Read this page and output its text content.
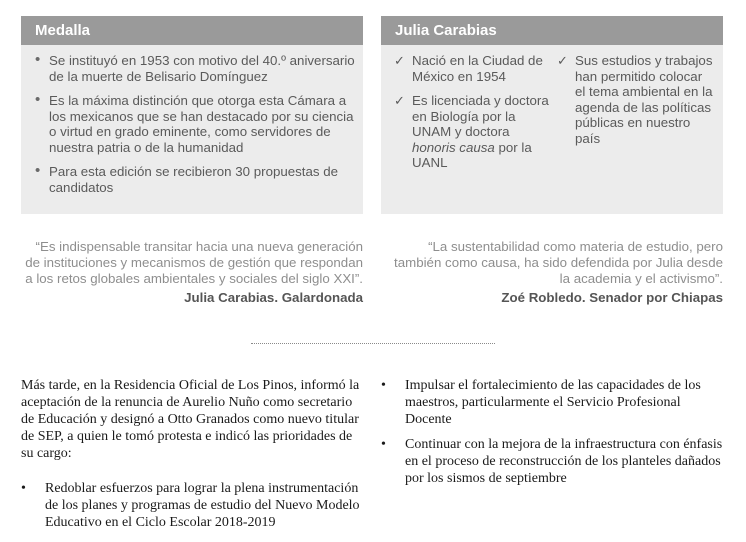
Medalla
• Se instituyó en 1953 con motivo del 40.º aniversario de la muerte de Belisario Domínguez
• Es la máxima distinción que otorga esta Cámara a los mexicanos que se han destacado por su ciencia o virtud en grado eminente, como servidores de nuestra patria o de la humanidad
• Para esta edición se recibieron 30 propuestas de candidatos
Julia Carabias
✓ Nació en la Ciudad de México en 1954
✓ Es licenciada y doctora en Biología por la UNAM y doctora honoris causa por la UANL
✓ Sus estudios y trabajos han permitido colocar el tema ambiental en la agenda de las políticas públicas en nuestro país
“Es indispensable transitar hacia una nueva generación de instituciones y mecanismos de gestión que respondan a los retos globales ambientales y sociales del siglo XXI”.
Julia Carabias. Galardonada
“La sustentabilidad como materia de estudio, pero también como causa, ha sido defendida por Julia desde la academia y el activismo”.
Zoé Robledo. Senador por Chiapas
Más tarde, en la Residencia Oficial de Los Pinos, informó la aceptación de la renuncia de Aurelio Nuño como secretario de Educación y designó a Otto Granados como nuevo titular de SEP, a quien le tomó protesta e indicó las prioridades de su cargo:
• Redoblar esfuerzos para lograr la plena instrumentación de los planes y programas de estudio del Nuevo Modelo Educativo en el Ciclo Escolar 2018-2019
• Impulsar el fortalecimiento de las capacidades de los maestros, particularmente el Servicio Profesional Docente
• Continuar con la mejora de la infraestructura con énfasis en el proceso de reconstrucción de los planteles dañados por los sismos de septiembre
